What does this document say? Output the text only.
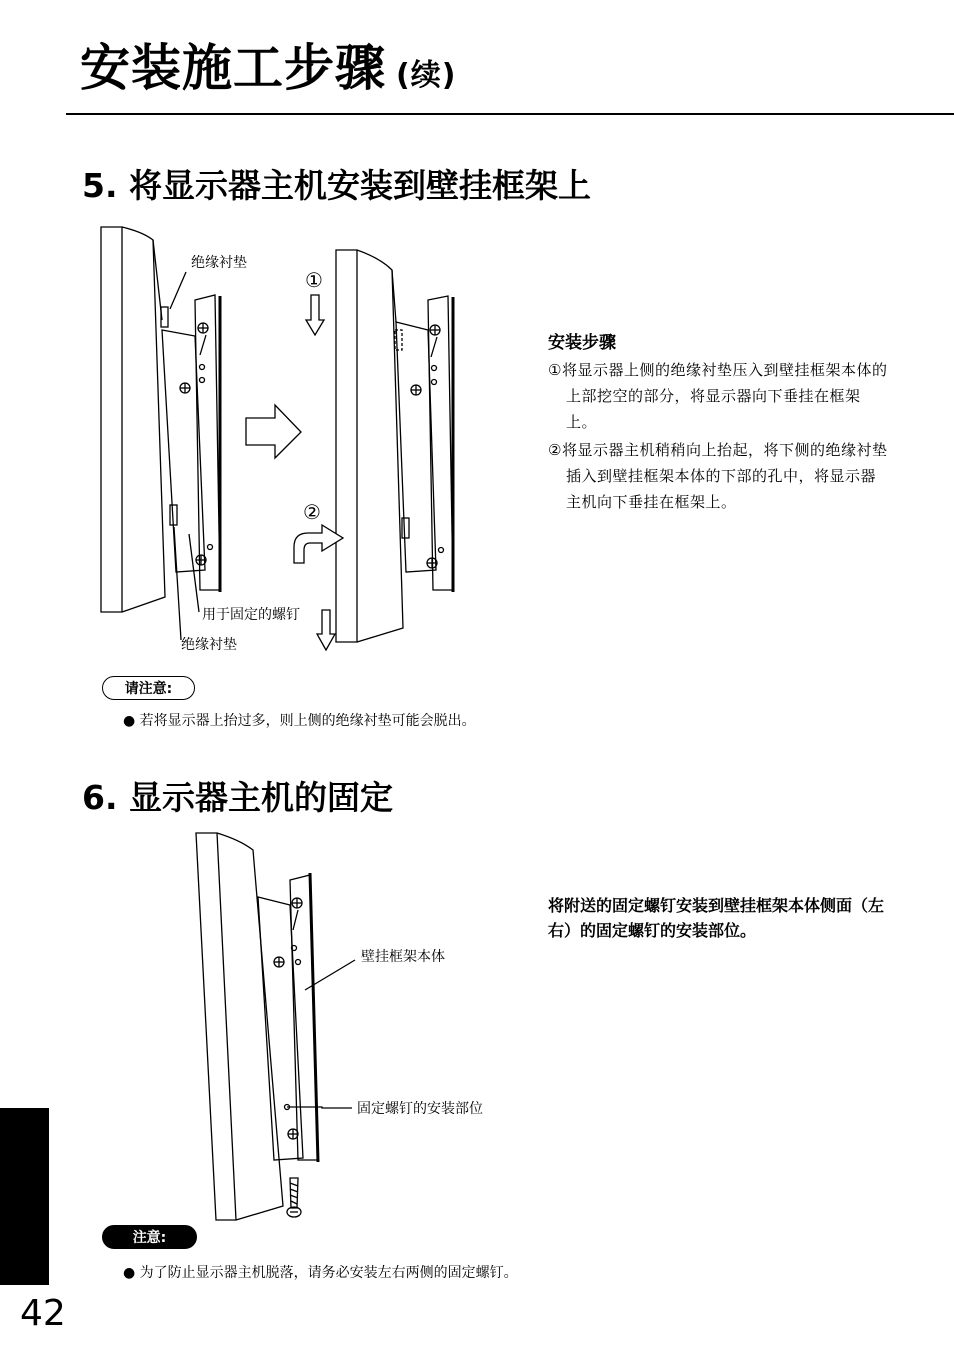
安装施工步骤 (续)
5. 将显示器主机安装到壁挂框架上
绝缘衬垫
用于固定的螺钉
绝缘衬垫
①
②
安装步骤
①将显示器上侧的绝缘衬垫压入到壁挂框架本体的上部挖空的部分，将显示器向下垂挂在框架上。
②将显示器主机稍稍向上抬起，将下侧的绝缘衬垫插入到壁挂框架本体的下部的孔中，将显示器主机向下垂挂在框架上。
请注意:
● 若将显示器上抬过多，则上侧的绝缘衬垫可能会脱出。
6. 显示器主机的固定
壁挂框架本体
固定螺钉的安装部位
将附送的固定螺钉安装到壁挂框架本体侧面（左右）的固定螺钉的安装部位。
注意:
● 为了防止显示器主机脱落，请务必安装左右两侧的固定螺钉。
42
